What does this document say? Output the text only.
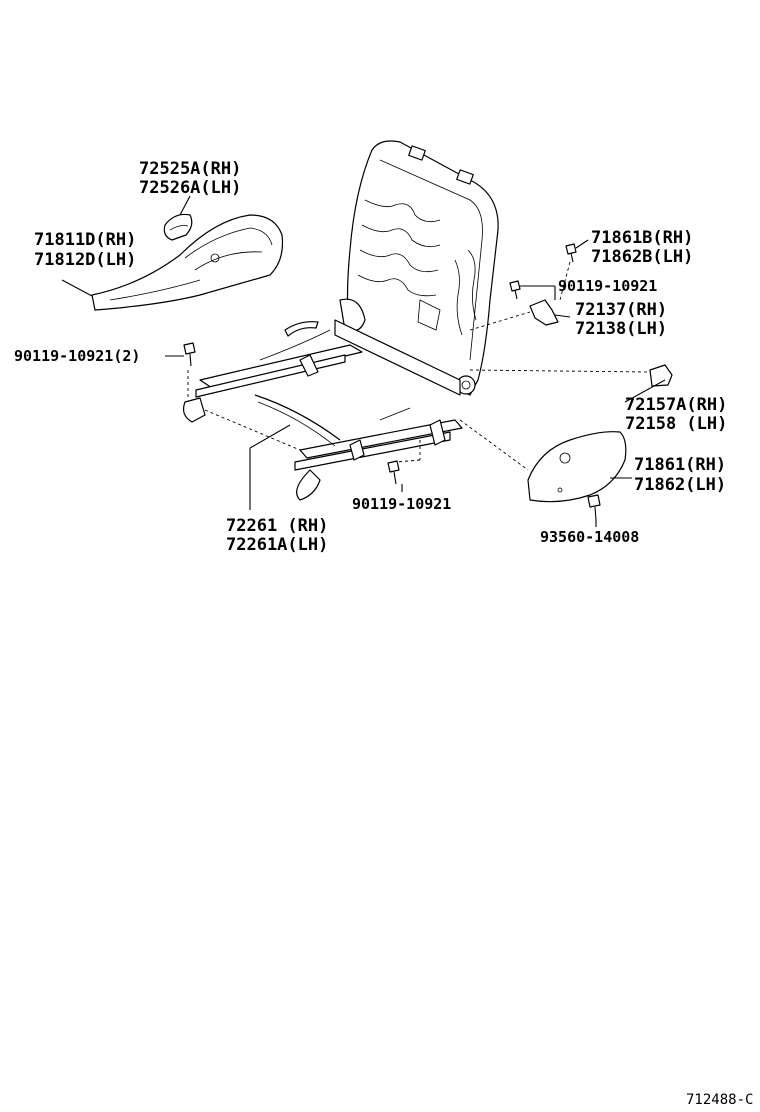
72525A(RH)
72526A(LH)
71811D(RH)
71812D(LH)
90119-10921(2)
71861B(RH)
71862B(LH)
90119-10921
72137(RH)
72138(LH)
72157A(RH)
72158 (LH)
71861(RH)
71862(LH)
90119-10921
93560-14008
72261 (RH)
72261A(LH)
712488-C
